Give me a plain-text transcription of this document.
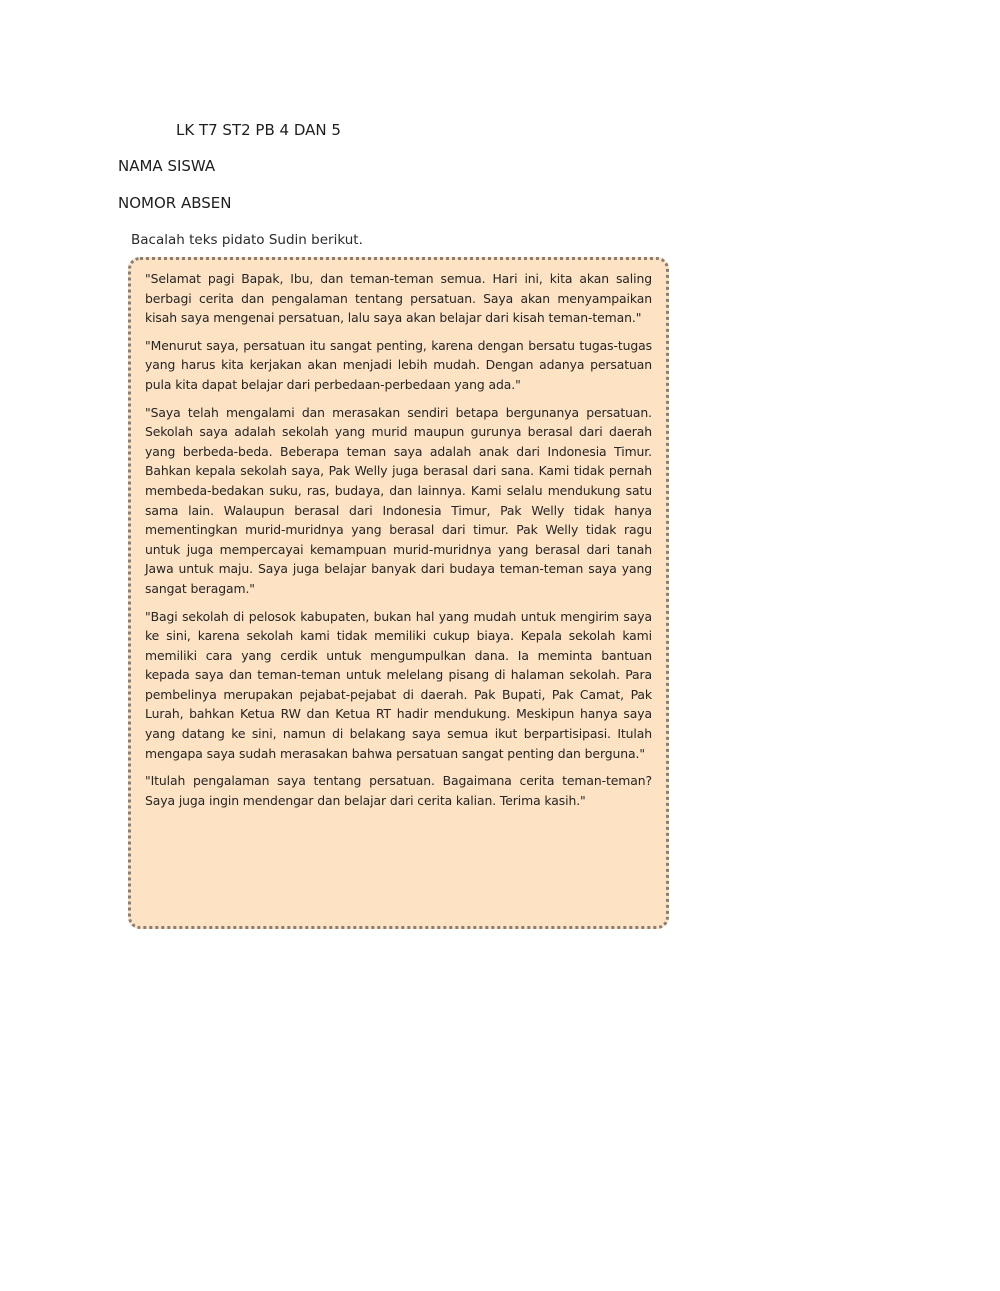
LK T7 ST2 PB 4 DAN 5
NAMA SISWA
NOMOR ABSEN
Bacalah teks pidato Sudin berikut.

"Selamat pagi Bapak, Ibu, dan teman-teman semua. Hari ini, kita akan saling berbagi cerita dan pengalaman tentang persatuan. Saya akan menyampaikan kisah saya mengenai persatuan, lalu saya akan belajar dari kisah teman-teman."

"Menurut saya, persatuan itu sangat penting, karena dengan bersatu tugas-tugas yang harus kita kerjakan akan menjadi lebih mudah. Dengan adanya persatuan pula kita dapat belajar dari perbedaan-perbedaan yang ada."

"Saya telah mengalami dan merasakan sendiri betapa bergunanya persatuan. Sekolah saya adalah sekolah yang murid maupun gurunya berasal dari daerah yang berbeda-beda. Beberapa teman saya adalah anak dari Indonesia Timur. Bahkan kepala sekolah saya, Pak Welly juga berasal dari sana. Kami tidak pernah membeda-bedakan suku, ras, budaya, dan lainnya. Kami selalu mendukung satu sama lain. Walaupun berasal dari Indonesia Timur, Pak Welly tidak hanya mementingkan murid-muridnya yang berasal dari timur. Pak Welly tidak ragu untuk juga mempercayai kemampuan murid-muridnya yang berasal dari tanah Jawa untuk maju. Saya juga belajar banyak dari budaya teman-teman saya yang sangat beragam."

"Bagi sekolah di pelosok kabupaten, bukan hal yang mudah untuk mengirim saya ke sini, karena sekolah kami tidak memiliki cukup biaya. Kepala sekolah kami memiliki cara yang cerdik untuk mengumpulkan dana. Ia meminta bantuan kepada saya dan teman-teman untuk melelang pisang di halaman sekolah. Para pembelinya merupakan pejabat-pejabat di daerah. Pak Bupati, Pak Camat, Pak Lurah, bahkan Ketua RW dan Ketua RT hadir mendukung. Meskipun hanya saya yang datang ke sini, namun di belakang saya semua ikut berpartisipasi. Itulah mengapa saya sudah merasakan bahwa persatuan sangat penting dan berguna."

"Itulah pengalaman saya tentang persatuan. Bagaimana cerita teman-teman? Saya juga ingin mendengar dan belajar dari cerita kalian. Terima kasih."
